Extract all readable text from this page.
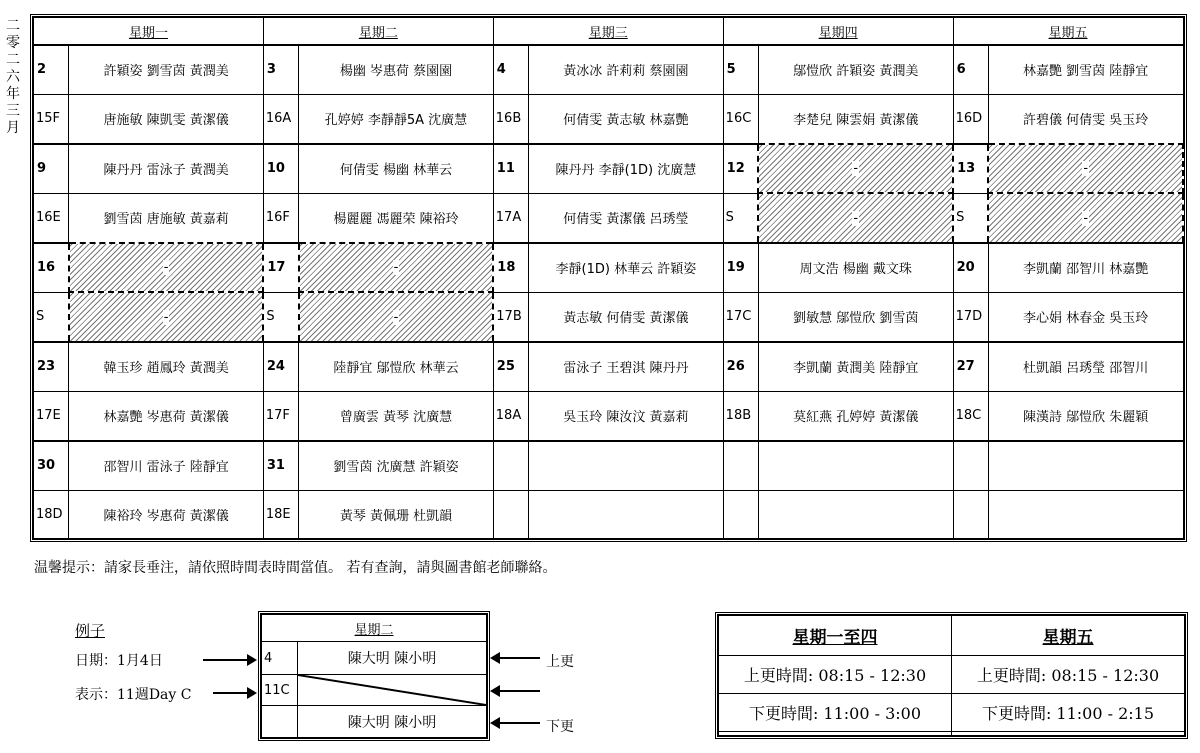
二
零
二
六
年
三
月
星期一		星期二		星期三		星期四		星期五	
2	許穎姿 劉雪茵 黃潤美	3	楊幽 岑惠荷 蔡園園	4	黃冰冰 許莉莉 蔡園園	5	鄔愷欣 許穎姿 黃潤美	6	林嘉艷 劉雪茵 陸靜宜
15F	唐施敏 陳凱雯 黃潔儀	16A	孔婷婷 李靜靜5A 沈廣慧	16B	何倩雯 黃志敏 林嘉艷	16C	李楚兒 陳雲娟 黃潔儀	16D	許碧儀 何倩雯 吳玉玲
9	陳丹丹 雷泳子 黃潤美	10	何倩雯 楊幽 林華云	11	陳丹丹 李靜(1D) 沈廣慧	12	-	13	-
16E	劉雪茵 唐施敏 黃嘉莉	16F	楊麗麗 馮麗荣 陳裕玲	17A	何倩雯 黃潔儀 呂琇瑩	S	-	S	-
16	-	17	-	18	李靜(1D) 林華云 許穎姿	19	周文浩 楊幽 戴文珠	20	李凱蘭 邵智川 林嘉艷
S	-	S	-	17B	黃志敏 何倩雯 黃潔儀	17C	劉敏慧 鄔愷欣 劉雪茵	17D	李心娟 林春金 吳玉玲
23	韓玉珍 趙鳳玲 黃潤美	24	陸靜宜 鄔愷欣 林華云	25	雷泳子 王碧淇 陳丹丹	26	李凱蘭 黃潤美 陸靜宜	27	杜凱韻 呂琇瑩 邵智川
17E	林嘉艷 岑惠荷 黃潔儀	17F	曾廣雲 黃琴 沈廣慧	18A	吳玉玲 陳汝汶 黃嘉莉	18B	莫紅燕 孔婷婷 黃潔儀	18C	陳漢詩 鄔愷欣 朱麗穎
30	邵智川 雷泳子 陸靜宜	31	劉雪茵 沈廣慧 許穎姿						
18D	陳裕玲 岑惠荷 黃潔儀	18E	黃琴 黃佩珊 杜凱韻						
温馨提示：請家長垂注，請依照時間表時間當值。 若有查詢，請與圖書館老師聯絡。
例子
日期：1月4日
表示：11週Day C
星期二	
4	陳大明 陳小明
11C	

	陳大明 陳小明
上更
下更
星期一至四	星期五
上更時間: 08:15 - 12:30	上更時間: 08:15 - 12:30
下更時間: 11:00 - 3:00	下更時間: 11:00 - 2:15
